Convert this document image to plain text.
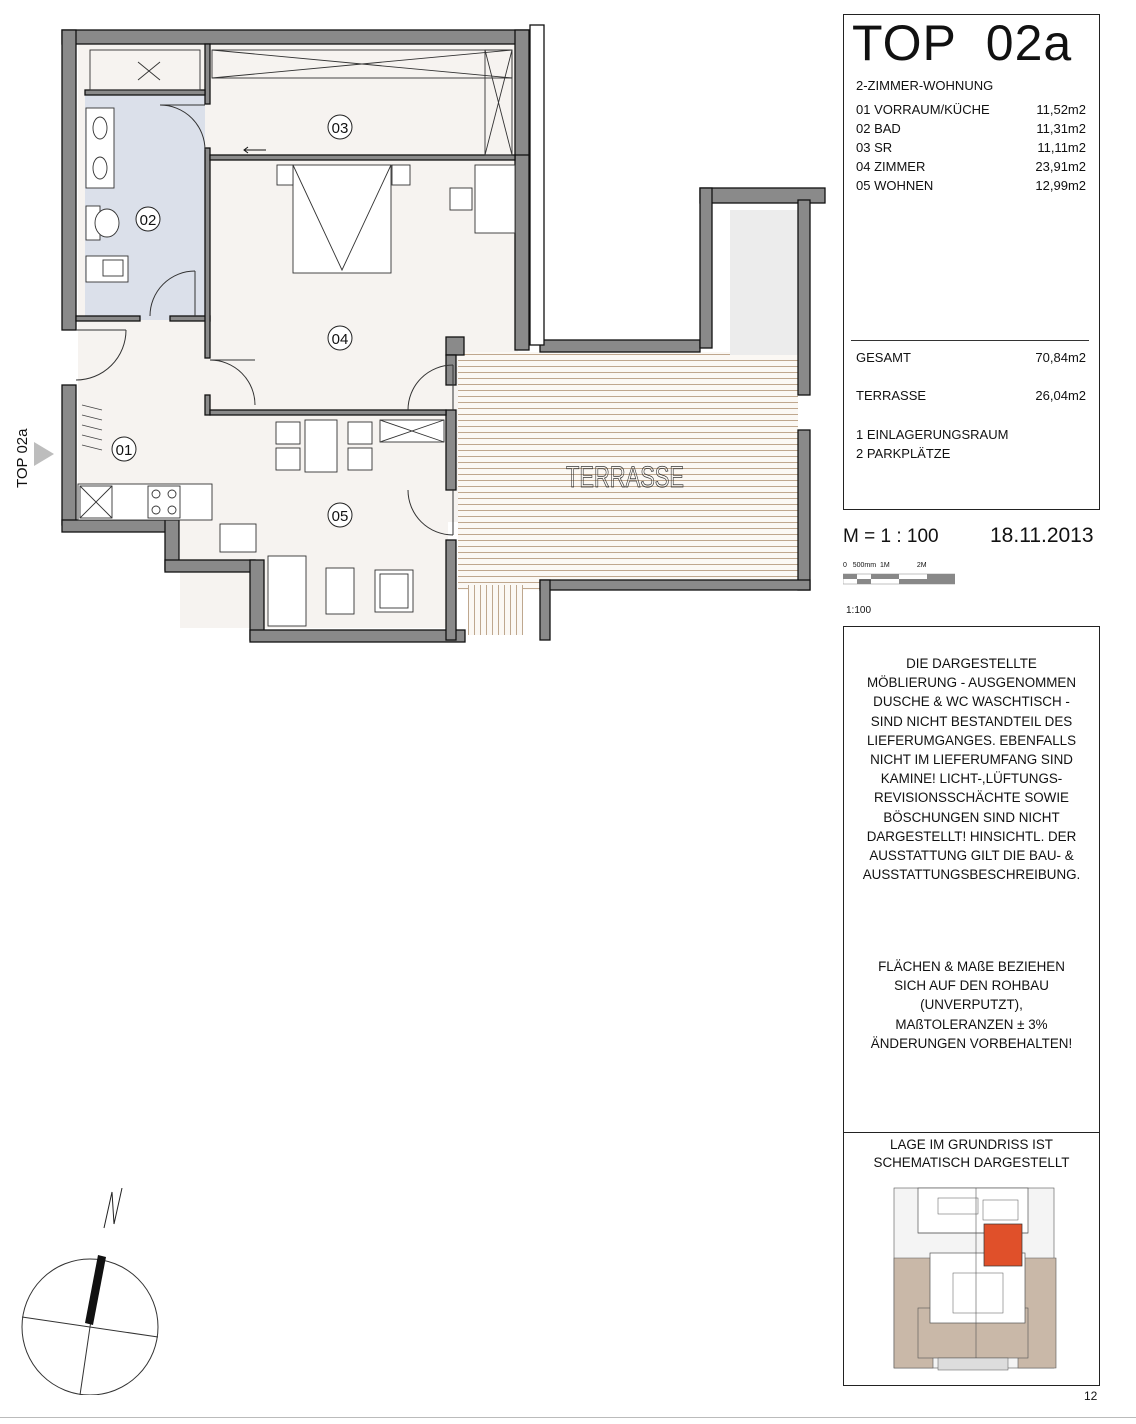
01
02
03
04
05
TERRASSE
TOP 02a
TOP  02a
2-ZIMMER-WOHNUNG
01 VORRAUM/KÜCHE	11,52m2
02 BAD	11,31m2
03 SR	11,11m2
04 ZIMMER	23,91m2
05 WOHNEN	12,99m2
GESAMT	70,84m2
TERRASSE	26,04m2
1 EINLAGERUNGSRAUM
2 PARKPLÄTZE
M = 1 : 100 18.11.2013
0   500mm  1M              2M
1:100
DIE DARGESTELLTE
MÖBLIERUNG - AUSGENOMMEN
DUSCHE & WC WASCHTISCH -
SIND NICHT BESTANDTEIL DES
LIEFERUMGANGES. EBENFALLS
NICHT IM LIEFERUMFANG SIND
KAMINE! LICHT-,LÜFTUNGS-
REVISIONSSCHÄCHTE SOWIE
BÖSCHUNGEN SIND NICHT
DARGESTELLT! HINSICHTL. DER
AUSSTATTUNG GILT DIE BAU- &
AUSSTATTUNGSBESCHREIBUNG.
FLÄCHEN & MAßE BEZIEHEN
SICH AUF DEN ROHBAU
(UNVERPUTZT),
MAßTOLERANZEN ± 3%
ÄNDERUNGEN VORBEHALTEN!
LAGE IM GRUNDRISS IST
SCHEMATISCH DARGESTELLT
12
